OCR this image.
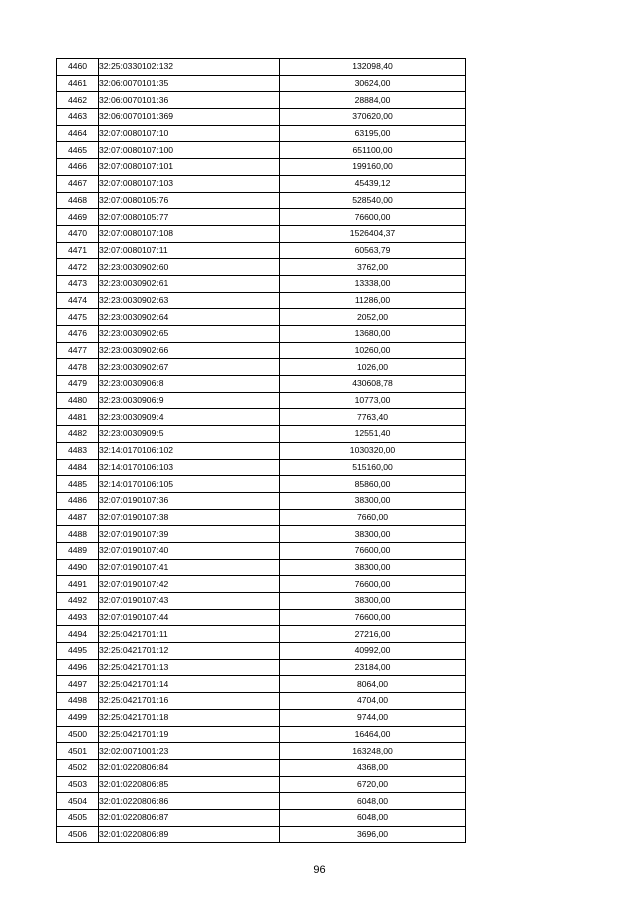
4460	32:25:0330102:132	132098,40
4461	32:06:0070101:35	30624,00
4462	32:06:0070101:36	28884,00
4463	32:06:0070101:369	370620,00
4464	32:07:0080107:10	63195,00
4465	32:07:0080107:100	651100,00
4466	32:07:0080107:101	199160,00
4467	32:07:0080107:103	45439,12
4468	32:07:0080105:76	528540,00
4469	32:07:0080105:77	76600,00
4470	32:07:0080107:108	1526404,37
4471	32:07:0080107:11	60563,79
4472	32:23:0030902:60	3762,00
4473	32:23:0030902:61	13338,00
4474	32:23:0030902:63	11286,00
4475	32:23:0030902:64	2052,00
4476	32:23:0030902:65	13680,00
4477	32:23:0030902:66	10260,00
4478	32:23:0030902:67	1026,00
4479	32:23:0030906:8	430608,78
4480	32:23:0030906:9	10773,00
4481	32:23:0030909:4	7763,40
4482	32:23:0030909:5	12551,40
4483	32:14:0170106:102	1030320,00
4484	32:14:0170106:103	515160,00
4485	32:14:0170106:105	85860,00
4486	32:07:0190107:36	38300,00
4487	32:07:0190107:38	7660,00
4488	32:07:0190107:39	38300,00
4489	32:07:0190107:40	76600,00
4490	32:07:0190107:41	38300,00
4491	32:07:0190107:42	76600,00
4492	32:07:0190107:43	38300,00
4493	32:07:0190107:44	76600,00
4494	32:25:0421701:11	27216,00
4495	32:25:0421701:12	40992,00
4496	32:25:0421701:13	23184,00
4497	32:25:0421701:14	8064,00
4498	32:25:0421701:16	4704,00
4499	32:25:0421701:18	9744,00
4500	32:25:0421701:19	16464,00
4501	32:02:0071001:23	163248,00
4502	32:01:0220806:84	4368,00
4503	32:01:0220806:85	6720,00
4504	32:01:0220806:86	6048,00
4505	32:01:0220806:87	6048,00
4506	32:01:0220806:89	3696,00
96
